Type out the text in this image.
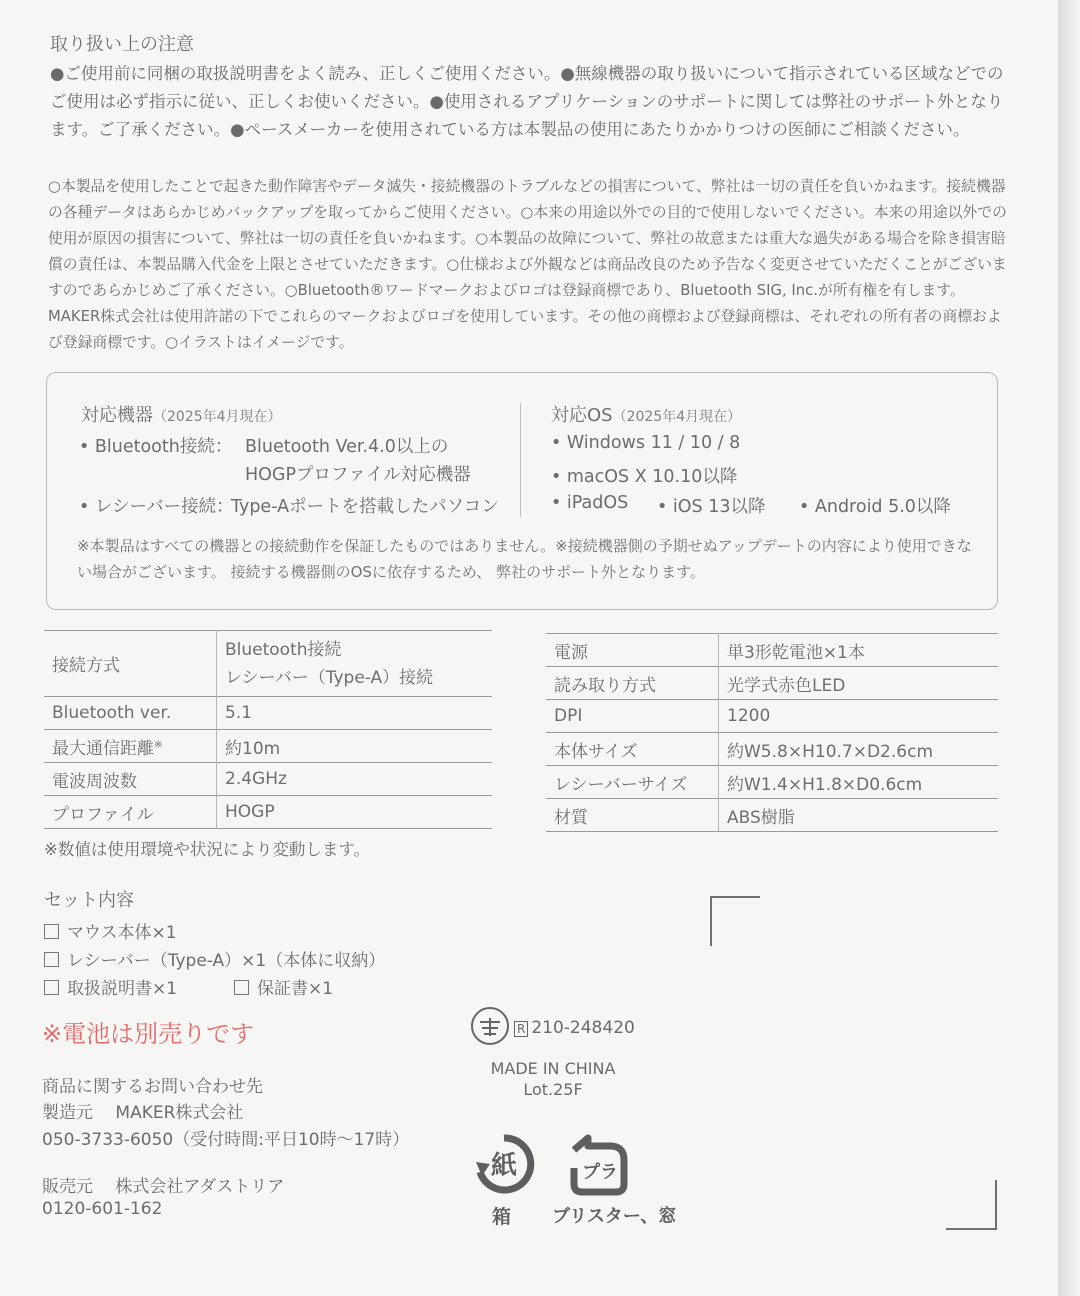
取り扱い上の注意
●ご使用前に同梱の取扱説明書をよく読み、正しくご使用ください。●無線機器の取り扱いについて指示されている区域などでのご使用は必ず指示に従い、正しくお使いください。●使用されるアプリケーションのサポートに関しては弊社のサポート外となります。ご了承ください。●ペースメーカーを使用されている方は本製品の使用にあたりかかりつけの医師にご相談ください。
○本製品を使用したことで起きた動作障害やデータ滅失・接続機器のトラブルなどの損害について、弊社は一切の責任を負いかねます。接続機器の各種データはあらかじめバックアップを取ってからご使用ください。○本来の用途以外での目的で使用しないでください。本来の用途以外での使用が原因の損害について、弊社は一切の責任を負いかねます。○本製品の故障について、弊社の故意または重大な過失がある場合を除き損害賠償の責任は、本製品購入代金を上限とさせていただきます。○仕様および外観などは商品改良のため予告なく変更させていただくことがございますのであらかじめご了承ください。○Bluetooth®ワードマークおよびロゴは登録商標であり、Bluetooth SIG, Inc.が所有権を有します。MAKER株式会社は使用許諾の下でこれらのマークおよびロゴを使用しています。その他の商標および登録商標は、それぞれの所有者の商標および登録商標です。○イラストはイメージです。
対応機器（2025年4月現在）
• Bluetooth接続： Bluetooth Ver.4.0以上の
HOGPプロファイル対応機器
• レシーバー接続：
Type-Aポートを搭載したパソコン
対応OS（2025年4月現在）
• Windows 11 / 10 / 8
• macOS X 10.10以降
• iPadOS • iOS 13以降 • Android 5.0以降
※本製品はすべての機器との接続動作を保証したものではありません。※接続機器側の予期せぬアップデートの内容により使用できない場合がございます。 接続する機器側のOSに依存するため、 弊社のサポート外となります。
接続方式	Bluetooth接続
レシーバー（Type-A）接続

Bluetooth ver.	5.1
最大通信距離※	約10m
電波周波数	2.4GHz
プロファイル	HOGP
電源	単3形乾電池×1本
読み取り方式	光学式赤色LED
DPI	1200
本体サイズ	約W5.8×H10.7×D2.6cm
レシーバーサイズ	約W1.4×H1.8×D0.6cm
材質	ABS樹脂
※数値は使用環境や状況により変動します。
セット内容
マウス本体×1
レシーバー（Type-A）×1（本体に収納）
取扱説明書×1	保証書×1
※電池は別売りです
商品に関するお問い合わせ先
製造元　 MAKER株式会社
050-3733-6050（受付時間:平日10時〜17時）
販売元　 株式会社アダストリア
0120-601-162
R 210-248420
MADE IN CHINA
Lot.25F
紙
箱
プラ
ブリスター、窓
